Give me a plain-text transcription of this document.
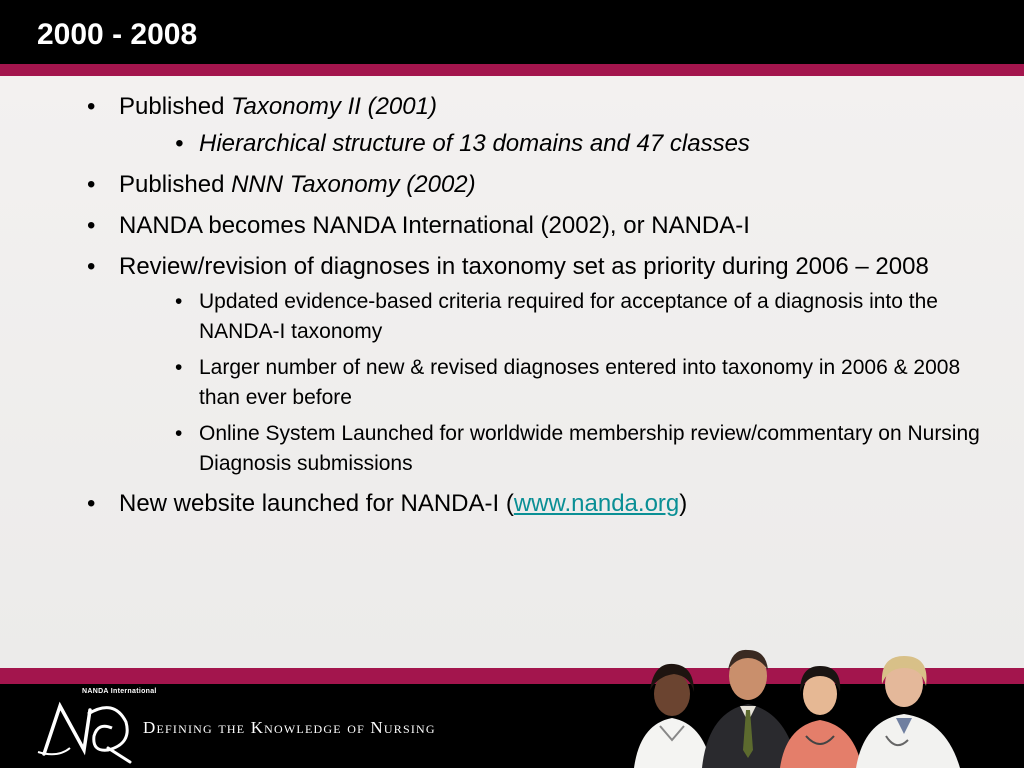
2000 - 2008
• Published Taxonomy II (2001)
• Hierarchical structure of 13 domains and 47 classes
• Published NNN Taxonomy (2002)
• NANDA becomes NANDA International (2002), or NANDA-I
• Review/revision of diagnoses in taxonomy set as priority during 2006 – 2008
• Updated evidence-based criteria required for acceptance of a diagnosis into the NANDA-I taxonomy
• Larger number of new & revised diagnoses entered into taxonomy in 2006 & 2008 than ever before
• Online System Launched for worldwide membership review/commentary on Nursing Diagnosis submissions
• New website launched for NANDA-I (www.nanda.org)
NANDA International
Defining the Knowledge of Nursing
